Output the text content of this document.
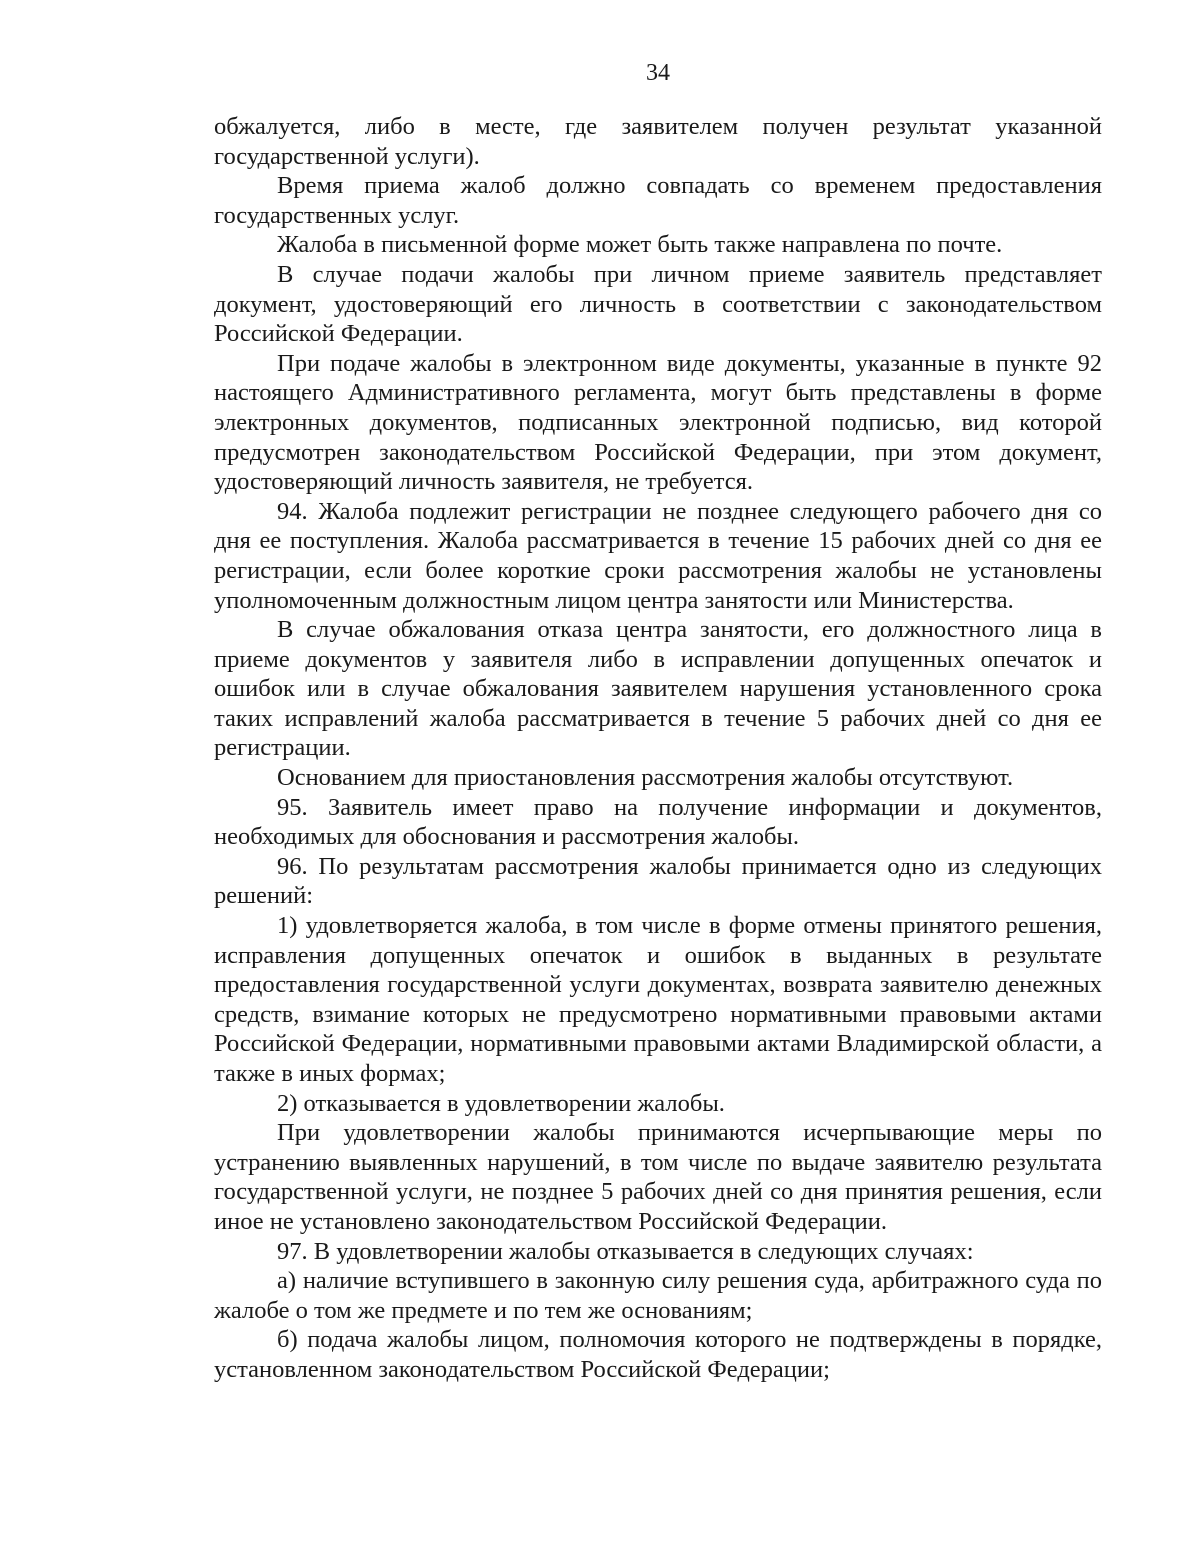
34

обжалуется, либо в месте, где заявителем получен результат указанной государственной услуги).

Время приема жалоб должно совпадать со временем предоставления государственных услуг.

Жалоба в письменной форме может быть также направлена по почте.

В случае подачи жалобы при личном приеме заявитель представляет документ, удостоверяющий его личность в соответствии с законодательством Российской Федерации.

При подаче жалобы в электронном виде документы, указанные в пункте 92 настоящего Административного регламента, могут быть представлены в форме электронных документов, подписанных электронной подписью, вид которой предусмотрен законодательством Российской Федерации, при этом документ, удостоверяющий личность заявителя, не требуется.

94. Жалоба подлежит регистрации не позднее следующего рабочего дня со дня ее поступления. Жалоба рассматривается в течение 15 рабочих дней со дня ее регистрации, если более короткие сроки рассмотрения жалобы не установлены уполномоченным должностным лицом центра занятости или Министерства.

В случае обжалования отказа центра занятости, его должностного лица в приеме документов у заявителя либо в исправлении допущенных опечаток и ошибок или в случае обжалования заявителем нарушения установленного срока таких исправлений жалоба рассматривается в течение 5 рабочих дней со дня ее регистрации.

Основанием для приостановления рассмотрения жалобы отсутствуют.

95. Заявитель имеет право на получение информации и документов, необходимых для обоснования и рассмотрения жалобы.

96. По результатам рассмотрения жалобы принимается одно из следующих решений:

1) удовлетворяется жалоба, в том числе в форме отмены принятого решения, исправления допущенных опечаток и ошибок в выданных в результате предоставления государственной услуги документах, возврата заявителю денежных средств, взимание которых не предусмотрено нормативными правовыми актами Российской Федерации, нормативными правовыми актами Владимирской области, а также в иных формах;

2) отказывается в удовлетворении жалобы.

При удовлетворении жалобы принимаются исчерпывающие меры по устранению выявленных нарушений, в том числе по выдаче заявителю результата государственной услуги, не позднее 5 рабочих дней со дня принятия решения, если иное не установлено законодательством Российской Федерации.

97. В удовлетворении жалобы отказывается в следующих случаях:

а) наличие вступившего в законную силу решения суда, арбитражного суда по жалобе о том же предмете и по тем же основаниям;

б) подача жалобы лицом, полномочия которого не подтверждены в порядке, установленном законодательством Российской Федерации;
